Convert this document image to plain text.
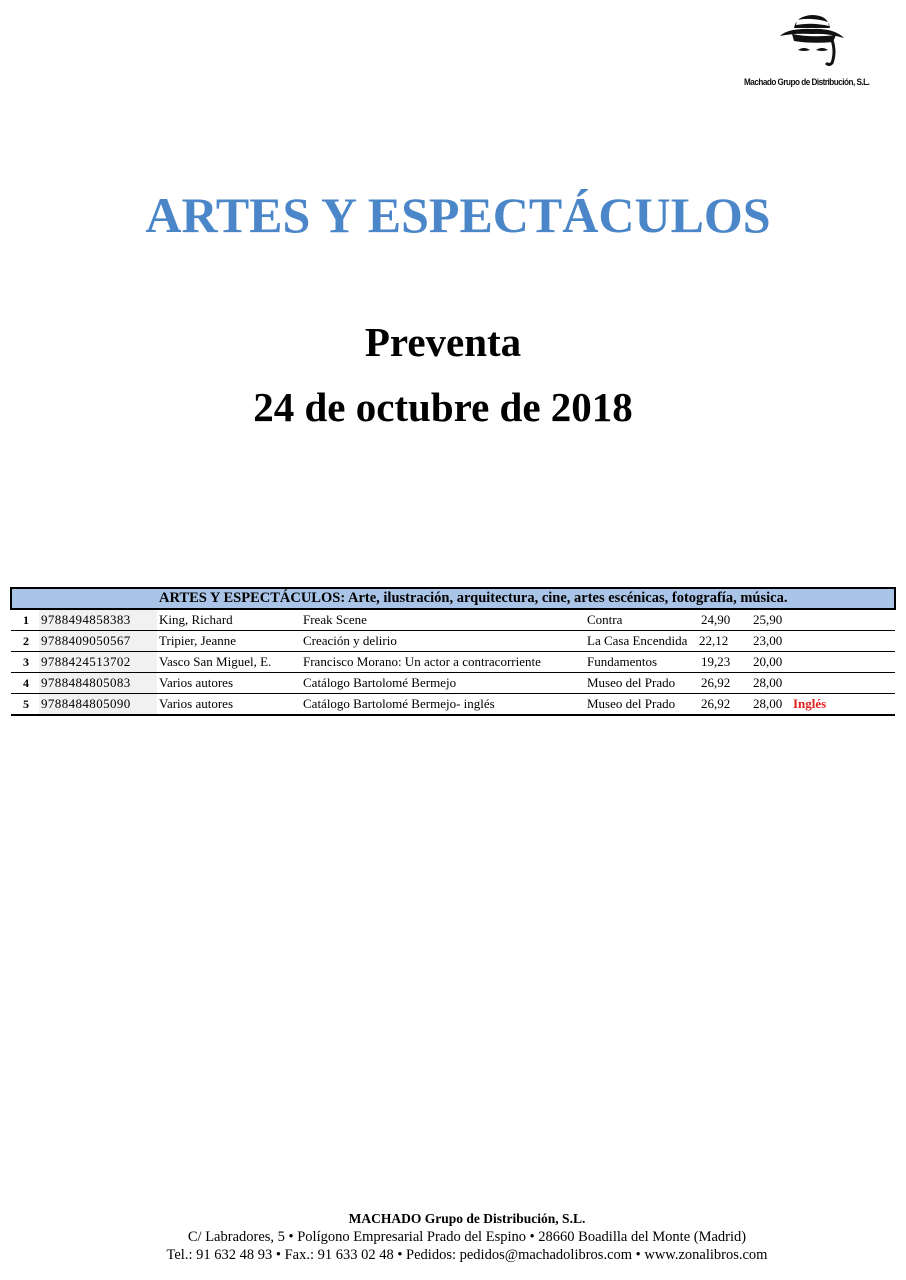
Machado Grupo de Distribución, S.L.
ARTES Y ESPECTÁCULOS
Preventa
24 de octubre de 2018
		ARTES Y ESPECTÁCULOS: Arte, ilustración, arquitectura, cine, artes escénicas, fotografía, música.					
1	9788494858383	King, Richard	Freak Scene	Contra	24,90	25,90	
2	9788409050567	Tripier, Jeanne	Creación y delirio	La Casa Encendida	22,12	23,00	
3	9788424513702	Vasco San Miguel, E.	Francisco Morano: Un actor a contracorriente	Fundamentos	19,23	20,00	
4	9788484805083	Varios autores	Catálogo Bartolomé Bermejo	Museo del Prado	26,92	28,00	
5	9788484805090	Varios autores	Catálogo Bartolomé Bermejo- inglés	Museo del Prado	26,92	28,00	Inglés
MACHADO Grupo de Distribución, S.L.
C/ Labradores, 5 • Polígono Empresarial Prado del Espino • 28660 Boadilla del Monte (Madrid)
Tel.: 91 632 48 93 • Fax.: 91 633 02 48 • Pedidos: pedidos@machadolibros.com • www.zonalibros.com
